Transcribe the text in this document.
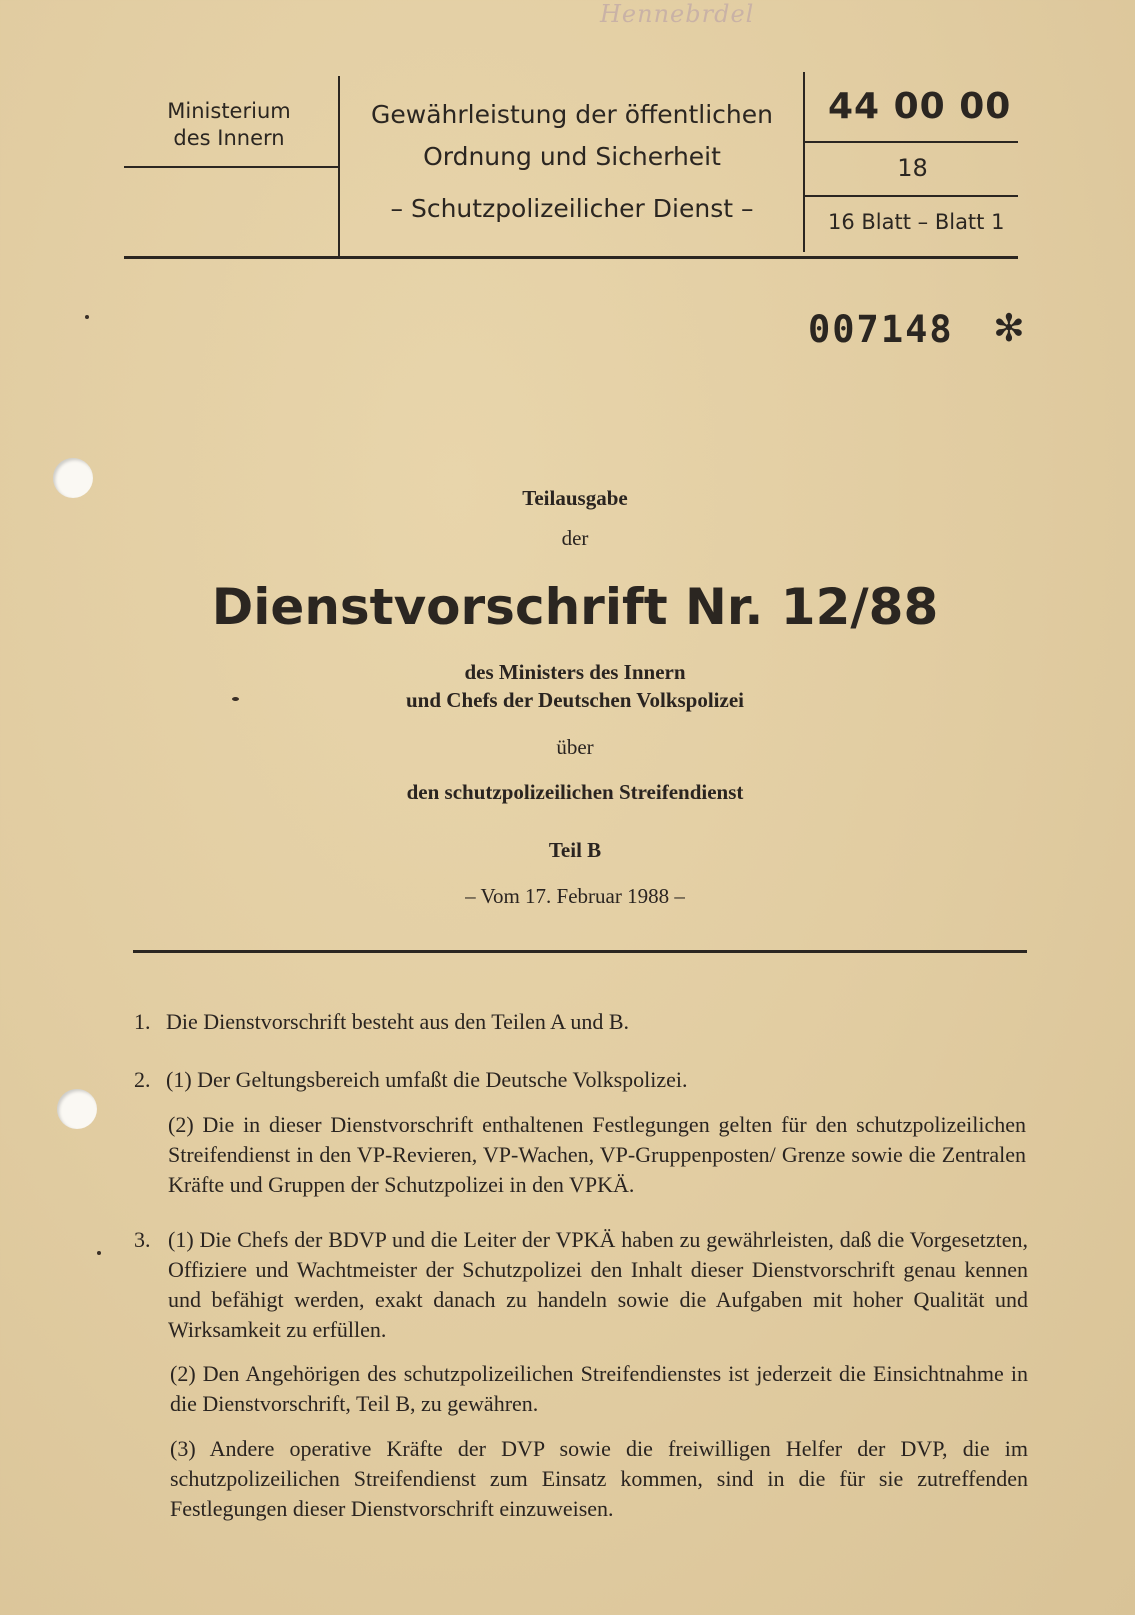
Hennebrdel
Ministerium
des Innern
Gewährleistung der öffentlichen
Ordnung und Sicherheit
– Schutzpolizeilicher Dienst –
44 00 00
18
16 Blatt – Blatt 1
007148 ✻
Teilausgabe
der
Dienstvorschrift Nr. 12/88
des Ministers des Innern
und Chefs der Deutschen Volkspolizei
über
den schutzpolizeilichen Streifendienst
Teil B
– Vom 17. Februar 1988 –
1. Die Dienstvorschrift besteht aus den Teilen A und B.
2. (1) Der Geltungsbereich umfaßt die Deutsche Volkspolizei.
(2) Die in dieser Dienstvorschrift enthaltenen Festlegungen gelten für den schutzpolizeilichen Streifendienst in den VP-Revieren, VP-Wachen, VP-Gruppenposten/ Grenze sowie die Zentralen Kräfte und Gruppen der Schutzpolizei in den VPKÄ.
3. (1) Die Chefs der BDVP und die Leiter der VPKÄ haben zu gewährleisten, daß die Vorgesetzten, Offiziere und Wachtmeister der Schutzpolizei den Inhalt dieser Dienstvorschrift genau kennen und befähigt werden, exakt danach zu handeln sowie die Aufgaben mit hoher Qualität und Wirksamkeit zu erfüllen.
(2) Den Angehörigen des schutzpolizeilichen Streifendienstes ist jederzeit die Einsichtnahme in die Dienstvorschrift, Teil B, zu gewähren.
(3) Andere operative Kräfte der DVP sowie die freiwilligen Helfer der DVP, die im schutzpolizeilichen Streifendienst zum Einsatz kommen, sind in die für sie zutreffenden Festlegungen dieser Dienstvorschrift einzuweisen.
